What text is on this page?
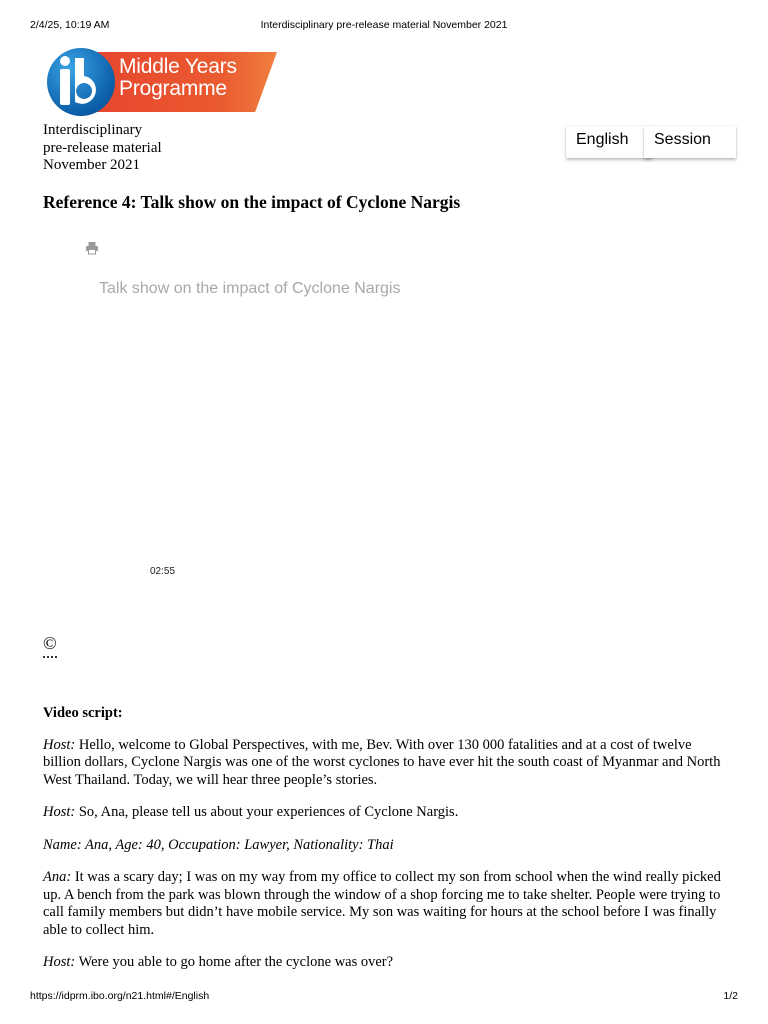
2/4/25, 10:19 AM	Interdisciplinary pre-release material November 2021
Middle Years
Programme
Interdisciplinary
pre-release material
November 2021
English	Session
Reference 4: Talk show on the impact of Cyclone Nargis
Talk show on the impact of Cyclone Nargis
02:55
©
Video script:

Host: Hello, welcome to Global Perspectives, with me, Bev. With over 130 000 fatalities and at a cost of twelve billion dollars, Cyclone Nargis was one of the worst cyclones to have ever hit the south coast of Myanmar and North West Thailand. Today, we will hear three people’s stories.

Host: So, Ana, please tell us about your experiences of Cyclone Nargis.

Name: Ana, Age: 40, Occupation: Lawyer, Nationality: Thai

Ana: It was a scary day; I was on my way from my office to collect my son from school when the wind really picked up. A bench from the park was blown through the window of a shop forcing me to take shelter. People were trying to call family members but didn’t have mobile service. My son was waiting for hours at the school before I was finally able to collect him.

Host: Were you able to go home after the cyclone was over?

https://idprm.ibo.org/n21.html#/English	1/2
